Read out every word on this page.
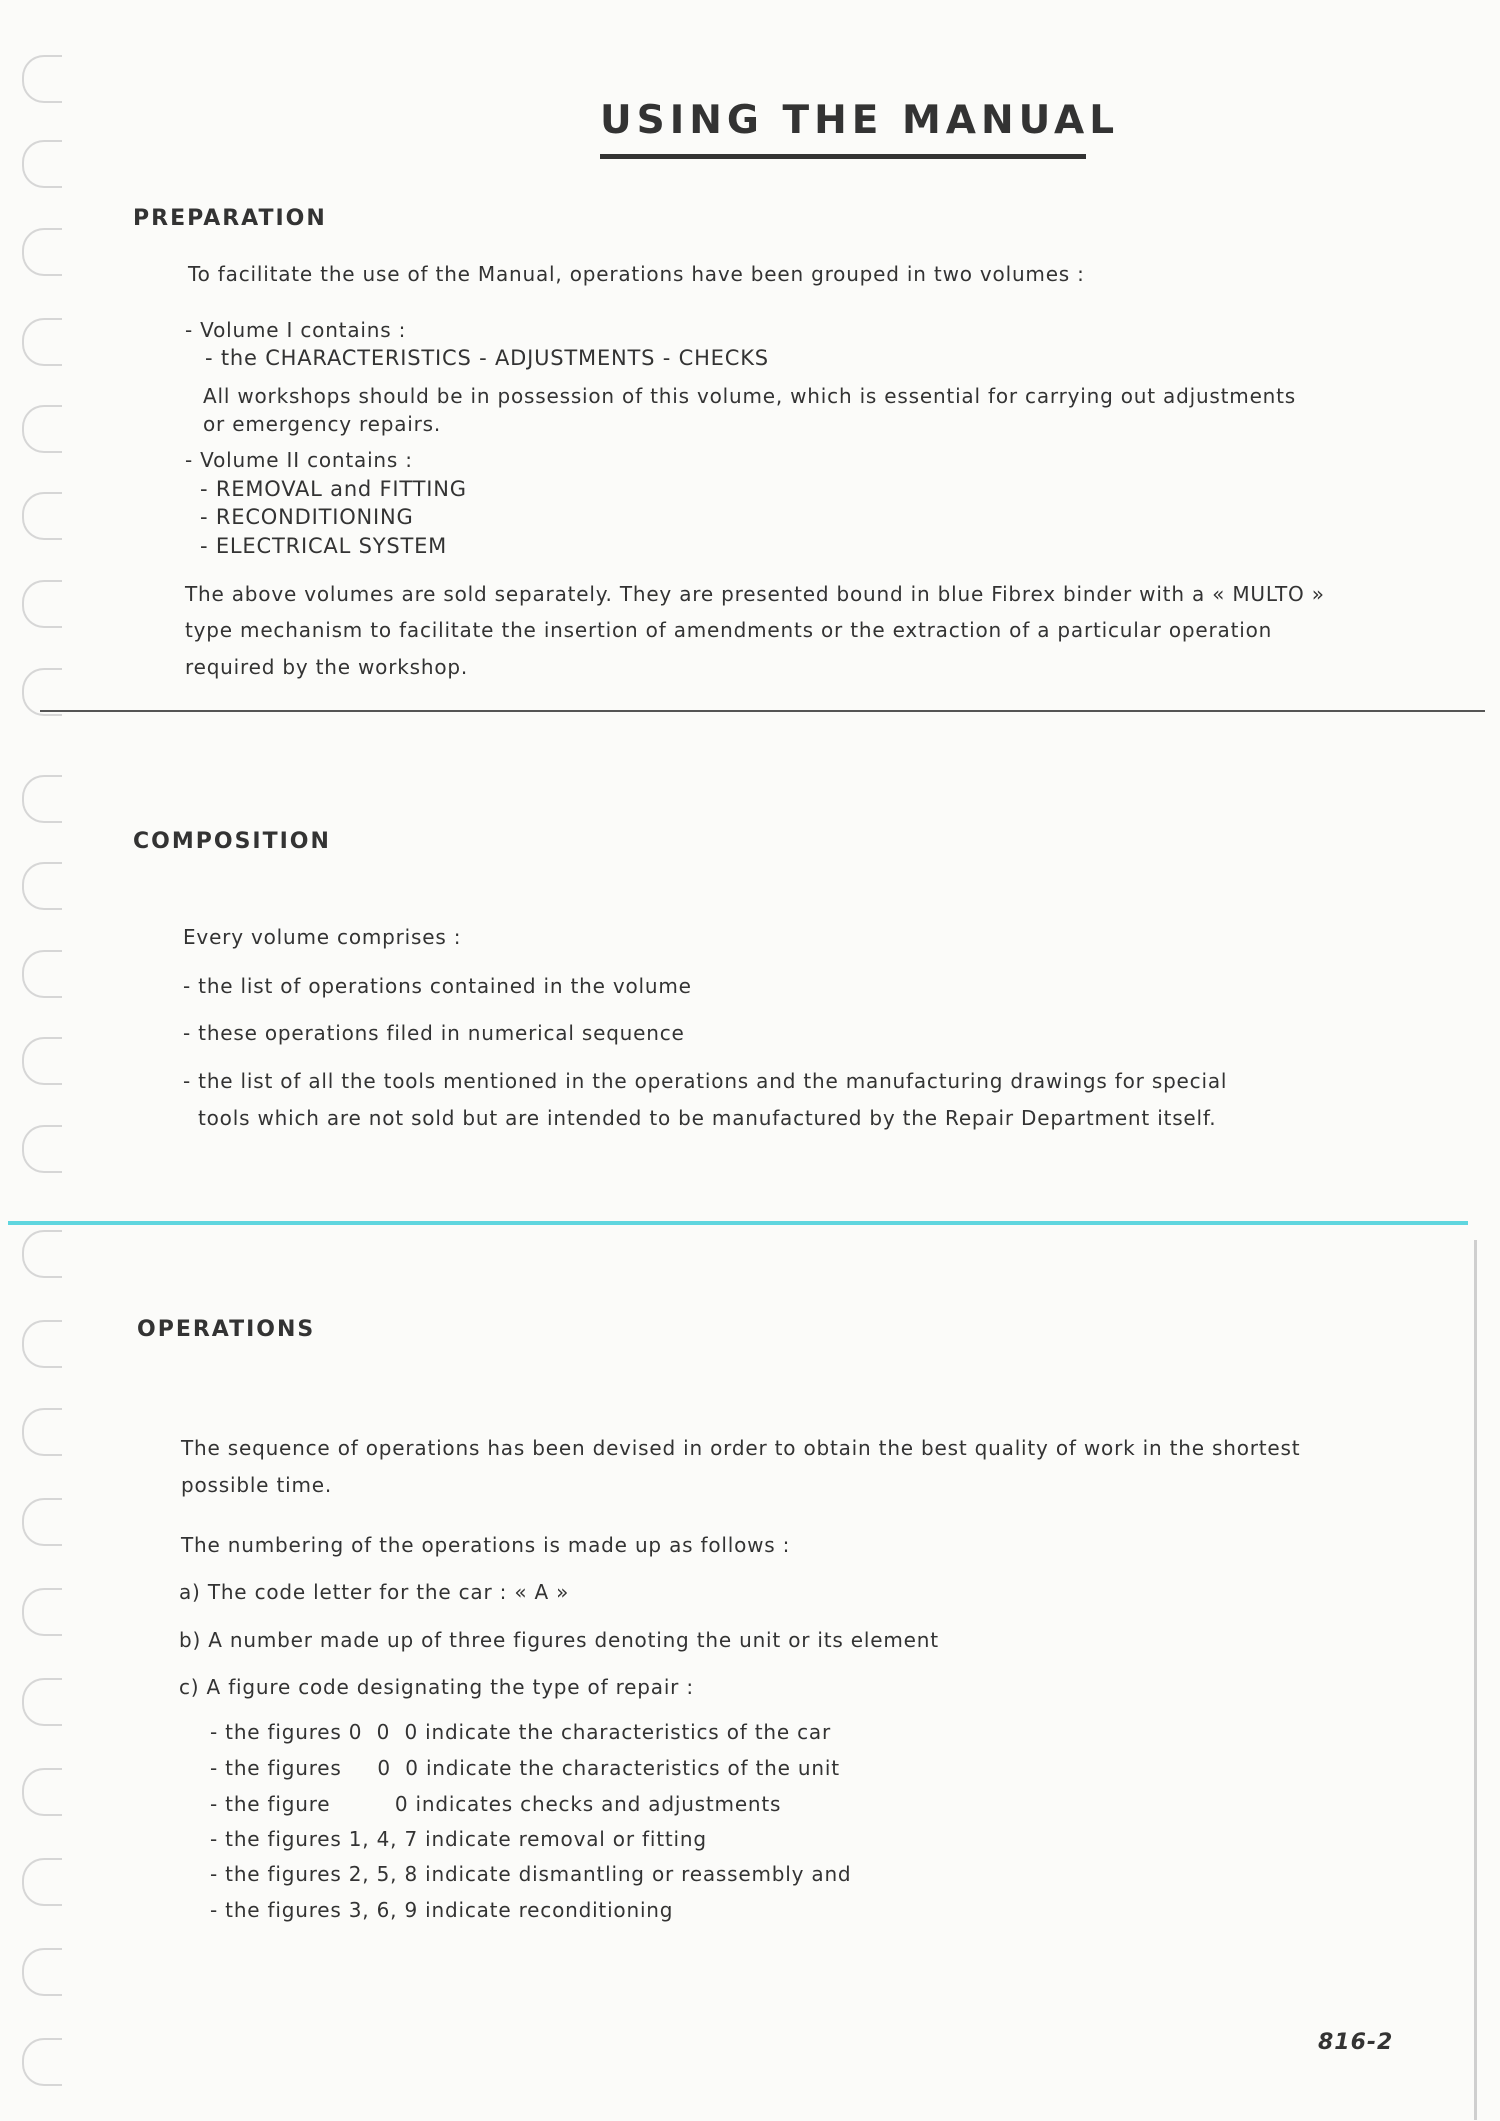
USING THE MANUAL
PREPARATION

To facilitate the use of the Manual, operations have been grouped in two volumes :

- Volume I contains :

- the CHARACTERISTICS - ADJUSTMENTS - CHECKS

All workshops should be in possession of this volume, which is essential for carrying out adjustments

or emergency repairs.

- Volume II contains :

- REMOVAL and FITTING

- RECONDITIONING

- ELECTRICAL SYSTEM

The above volumes are sold separately. They are presented bound in blue Fibrex binder with a « MULTO »

type mechanism to facilitate the insertion of amendments or the extraction of a particular operation

required by the workshop.

COMPOSITION

Every volume comprises :

- the list of operations contained in the volume

- these operations filed in numerical sequence

- the list of all the tools mentioned in the operations and the manufacturing drawings for special

tools which are not sold but are intended to be manufactured by the Repair Department itself.

OPERATIONS

The sequence of operations has been devised in order to obtain the best quality of work in the shortest

possible time.

The numbering of the operations is made up as follows :

a) The code letter for the car : « A »

b) A number made up of three figures denoting the unit or its element

c) A figure code designating the type of repair :

- the figures 0  0  0 indicate the characteristics of the car

- the figures     0  0 indicate the characteristics of the unit

- the figure         0 indicates checks and adjustments

- the figures 1, 4, 7 indicate removal or fitting

- the figures 2, 5, 8 indicate dismantling or reassembly and

- the figures 3, 6, 9 indicate reconditioning

816-2
